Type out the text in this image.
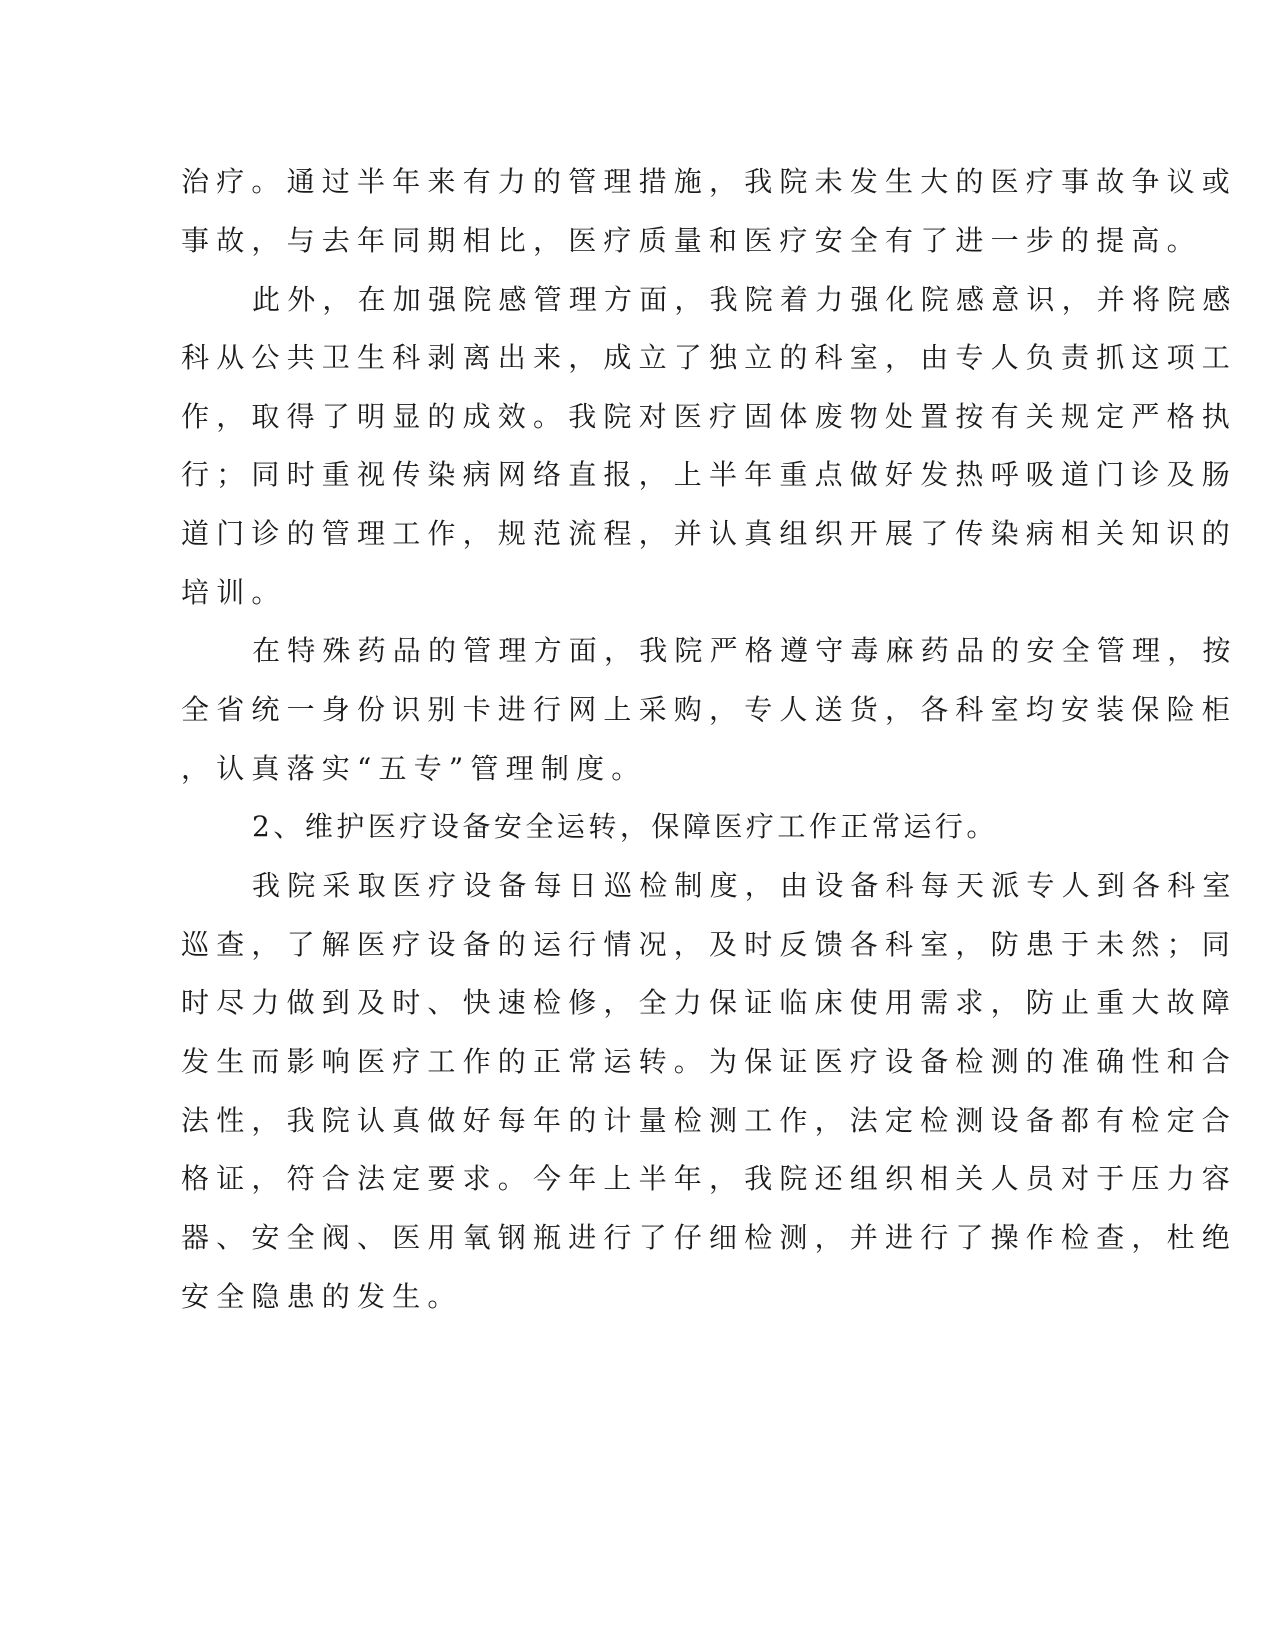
治疗。通过半年来有力的管理措施，我院未发生大的医疗事故争议或
事故，与去年同期相比，医疗质量和医疗安全有了进一步的提高。
此外，在加强院感管理方面，我院着力强化院感意识，并将院感
科从公共卫生科剥离出来，成立了独立的科室，由专人负责抓这项工
作，取得了明显的成效。我院对医疗固体废物处置按有关规定严格执
行；同时重视传染病网络直报，上半年重点做好发热呼吸道门诊及肠
道门诊的管理工作，规范流程，并认真组织开展了传染病相关知识的
培训。
在特殊药品的管理方面，我院严格遵守毒麻药品的安全管理，按
全省统一身份识别卡进行网上采购，专人送货，各科室均安装保险柜
，认真落实“五专”管理制度。
2、维护医疗设备安全运转，保障医疗工作正常运行。
我院采取医疗设备每日巡检制度，由设备科每天派专人到各科室
巡查，了解医疗设备的运行情况，及时反馈各科室，防患于未然；同
时尽力做到及时、快速检修，全力保证临床使用需求，防止重大故障
发生而影响医疗工作的正常运转。为保证医疗设备检测的准确性和合
法性，我院认真做好每年的计量检测工作，法定检测设备都有检定合
格证，符合法定要求。今年上半年，我院还组织相关人员对于压力容
器、安全阀、医用氧钢瓶进行了仔细检测，并进行了操作检查，杜绝
安全隐患的发生。
